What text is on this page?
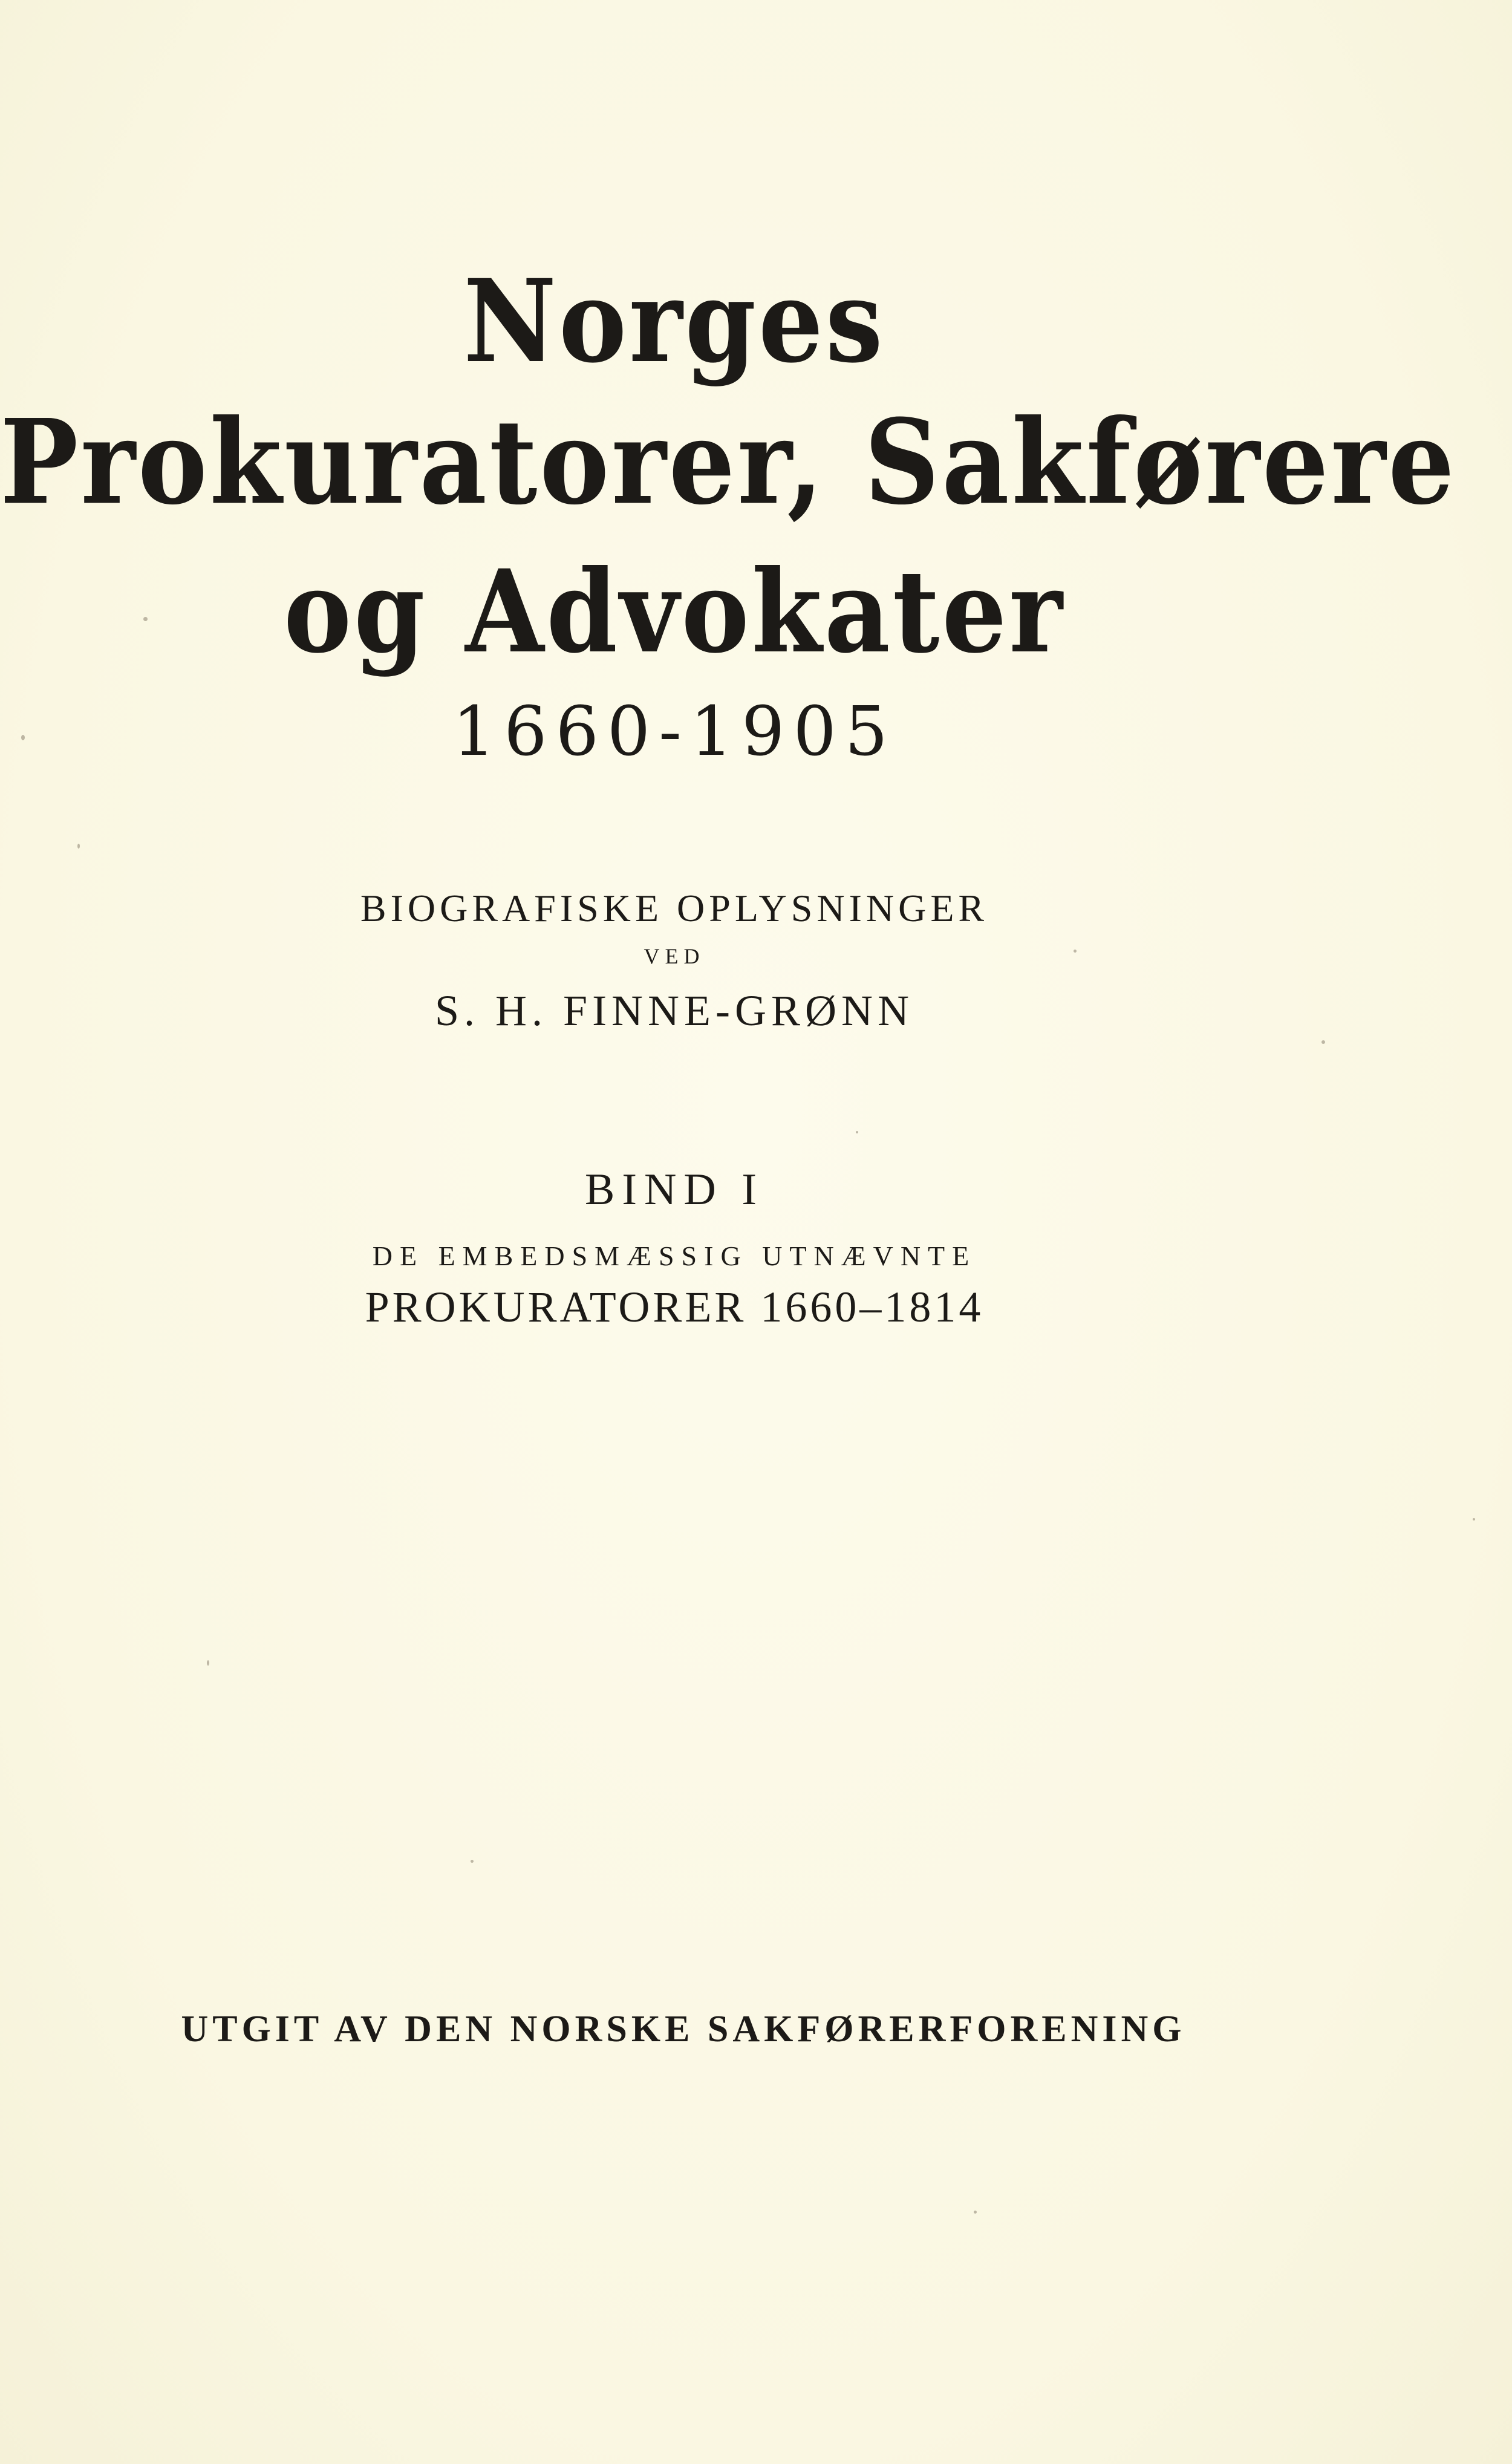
Norges
Prokuratorer, Sakførere
og Advokater
1660-1905
BIOGRAFISKE OPLYSNINGER
VED
S. H. FINNE-GRØNN
BIND I
DE EMBEDSMÆSSIG UTNÆVNTE
PROKURATORER 1660–1814
UTGIT AV DEN NORSKE SAKFØRERFORENING
